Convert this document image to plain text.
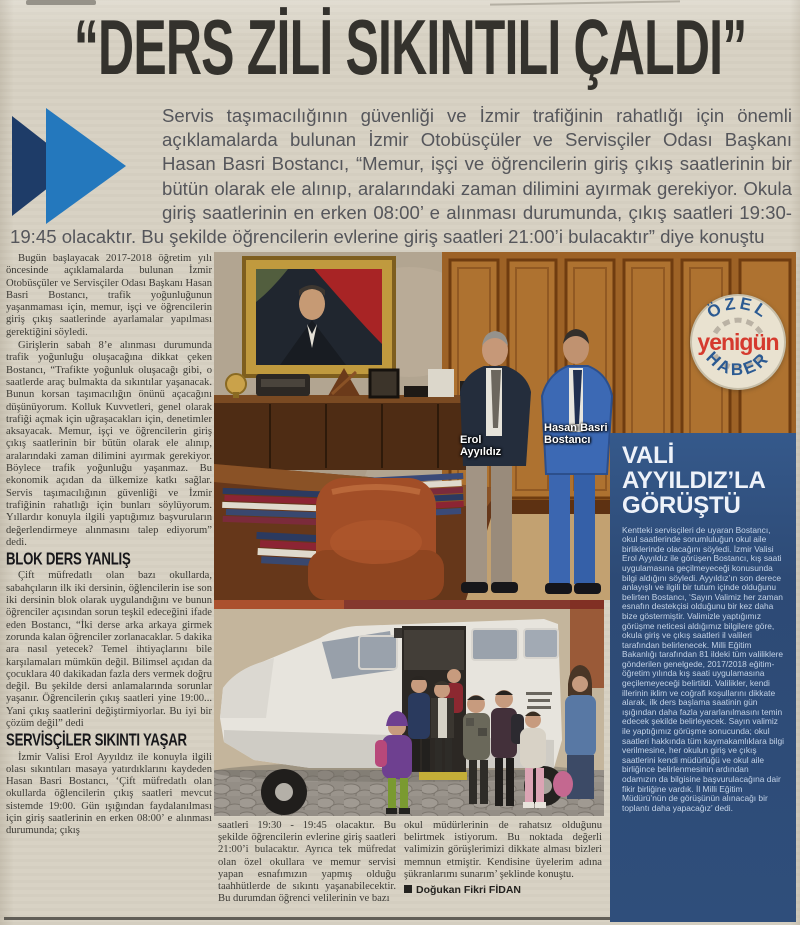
“DERS ZİLİ SIKINTILI ÇALDI”
Servis taşımacılığının güvenliği ve İzmir trafiğinin rahatlığı için önemli açıklamalarda bulunan İzmir Otobüsçüler ve Servisçiler Odası Başkanı Hasan Basri Bostancı, “Memur, işçi ve öğrencilerin giriş çıkış saatlerinin bir bütün olarak ele alınıp, aralarındaki zaman dilimini ayırmak gerekiyor. Okula giriş saatlerinin en erken 08:00’ e alınması durumunda, çıkış saatleri 19:30-19:45 olacaktır. Bu şekilde öğrencilerin evlerine giriş saatleri 21:00’i bulacaktır” diye konuştu

Bugün başlayacak 2017-2018 öğretim yılı öncesinde açıklamalarda bulunan İzmir Otobüsçüler ve Servisçiler Odası Başkanı Hasan Basri Bostancı, trafik yoğunluğunun yaşanmaması için, memur, işçi ve öğrencilerin giriş çıkış saatlerinde ayarlamalar yapılması gerektiğini söyledi.

Girişlerin sabah 8’e alınması durumunda trafik yoğunluğu oluşacağına dikkat çeken Bostancı, “Trafikte yoğunluk oluşacağı gibi, o saatlerde araç bulmakta da sıkıntılar yaşanacak. Bunun korsan taşımacılığın önünü açacağını düşünüyorum. Kolluk Kuvvetleri, genel olarak trafiği açmak için uğraşacakları için, denetimler aksayacak. Memur, işçi ve öğrencilerin giriş çıkış saatlerinin bir bütün olarak ele alınıp, aralarındaki zaman dilimini ayırmak gerekiyor. Böylece trafik yoğunluğu yaşanmaz. Bu ekonomik açıdan da ülkemize katkı sağlar. Servis taşımacılığının güvenliği ve İzmir trafiğinin rahatlığı için bunları söylüyorum. Yıllardır konuyla ilgili yaptığımız başvuruların değerlendirmeye alınmasını talep ediyorum” dedi.

BLOK DERS YANLIŞ

Çift müfredatlı olan bazı okullarda, sabahçıların ilk iki dersinin, öğlencilerin ise son iki dersinin blok olarak uygulandığını ve bunun öğrenciler açısından sorun teşkil edeceğini ifade eden Bostancı, “İki derse arka arkaya girmek zorunda kalan öğrenciler zorlanacaklar. 5 dakika ara nasıl yetecek? Temel ihtiyaçlarını bile karşılamaları mümkün değil. Bilimsel açıdan da çocuklara 40 dakikadan fazla ders vermek doğru değil. Bu şekilde dersi anlamalarında sorunlar yaşanır. Öğrencilerin çıkış saatleri yine 19:00... Yani çıkış saatlerini değiştirmiyorlar. Bu iyi bir çözüm değil” dedi

SERVİSÇİLER SIKINTI YAŞAR

İzmir Valisi Erol Ayyıldız ile konuyla ilgili olası sıkıntıları masaya yatırdıklarını kaydeden Hasan Basri Bostancı, ‘Çift müfredatlı olan okullarda öğlencilerin çıkış saatleri mevcut sistemde 19:00. Gün ışığından faydalanılması için giriş saatlerinin en erken 08:00’ e alınması durumunda; çıkış

Erol Ayyıldız
Hasan Basri Bostancı
ÖZEL
HABER
yenigün
VALİ AYYILDIZ’LA GÖRÜŞTÜ
Kentteki servisçileri de uyaran Bostancı, okul saatlerinde sorumluluğun okul aile birliklerinde olacağını söyledi. İzmir Valisi Erol Ayyıldız ile görüşen Bostancı, kış saati uygulamasına geçilmeyeceği konusunda bilgi aldığını söyledi. Ayyıldız’ın son derece anlayışlı ve ilgili bir tutum içinde olduğunu belirten Bostancı, ‘Sayın Valimiz her zaman esnafın destekçisi olduğunu bir kez daha bize göstermiştir. Valimizle yaptığımız görüşme neticesi aldığımız bilgilere göre, okula giriş ve çıkış saatleri il valileri tarafından belirlenecek. Milli Eğitim Bakanlığı tarafından 81 ildeki tüm valiliklere gönderilen genelgede, 2017/2018 eğitim-öğretim yılında kış saati uygulamasına geçilemeyeceği belirtildi. Valilikler, kendi illerinin iklim ve coğrafi koşullarını dikkate alarak, ilk ders başlama saatinin gün ışığından daha fazla yararlanılmasını temin edecek şekilde belirleyecek. Sayın valimiz ile yaptığımız görüşme sonucunda; okul saatleri hakkında tüm kaymakamlıklara bilgi verilmesine, her okulun giriş ve çıkış saatlerini kendi müdürlüğü ve okul aile birliğince belirlenmesinin ardından odamızın da bilgisine başvurulacağına dair fikir birliğine vardık. İl Milli Eğitim Müdürü’nün de görüşünün alınacağı bir toplantı daha yapacağız’ dedi.
saatleri 19:30 - 19:45 olacaktır. Bu şekilde öğrencilerin evlerine giriş saatleri 21:00’i bulacaktır. Ayrıca tek müfredat olan özel okullara ve memur servisi yapan esnafımızın yapmış olduğu taahhütlerde de sıkıntı yaşanabilecektir. Bu durumdan öğrenci velilerinin ve bazı
okul müdürlerinin de rahatsız olduğunu belirtmek istiyorum. Bu noktada değerli valimizin görüşlerimizi dikkate alması bizleri memnun etmiştir. Kendisine üyelerim adına şükranlarımı sunarım’ şeklinde konuştu.
Doğukan Fikri FİDAN
